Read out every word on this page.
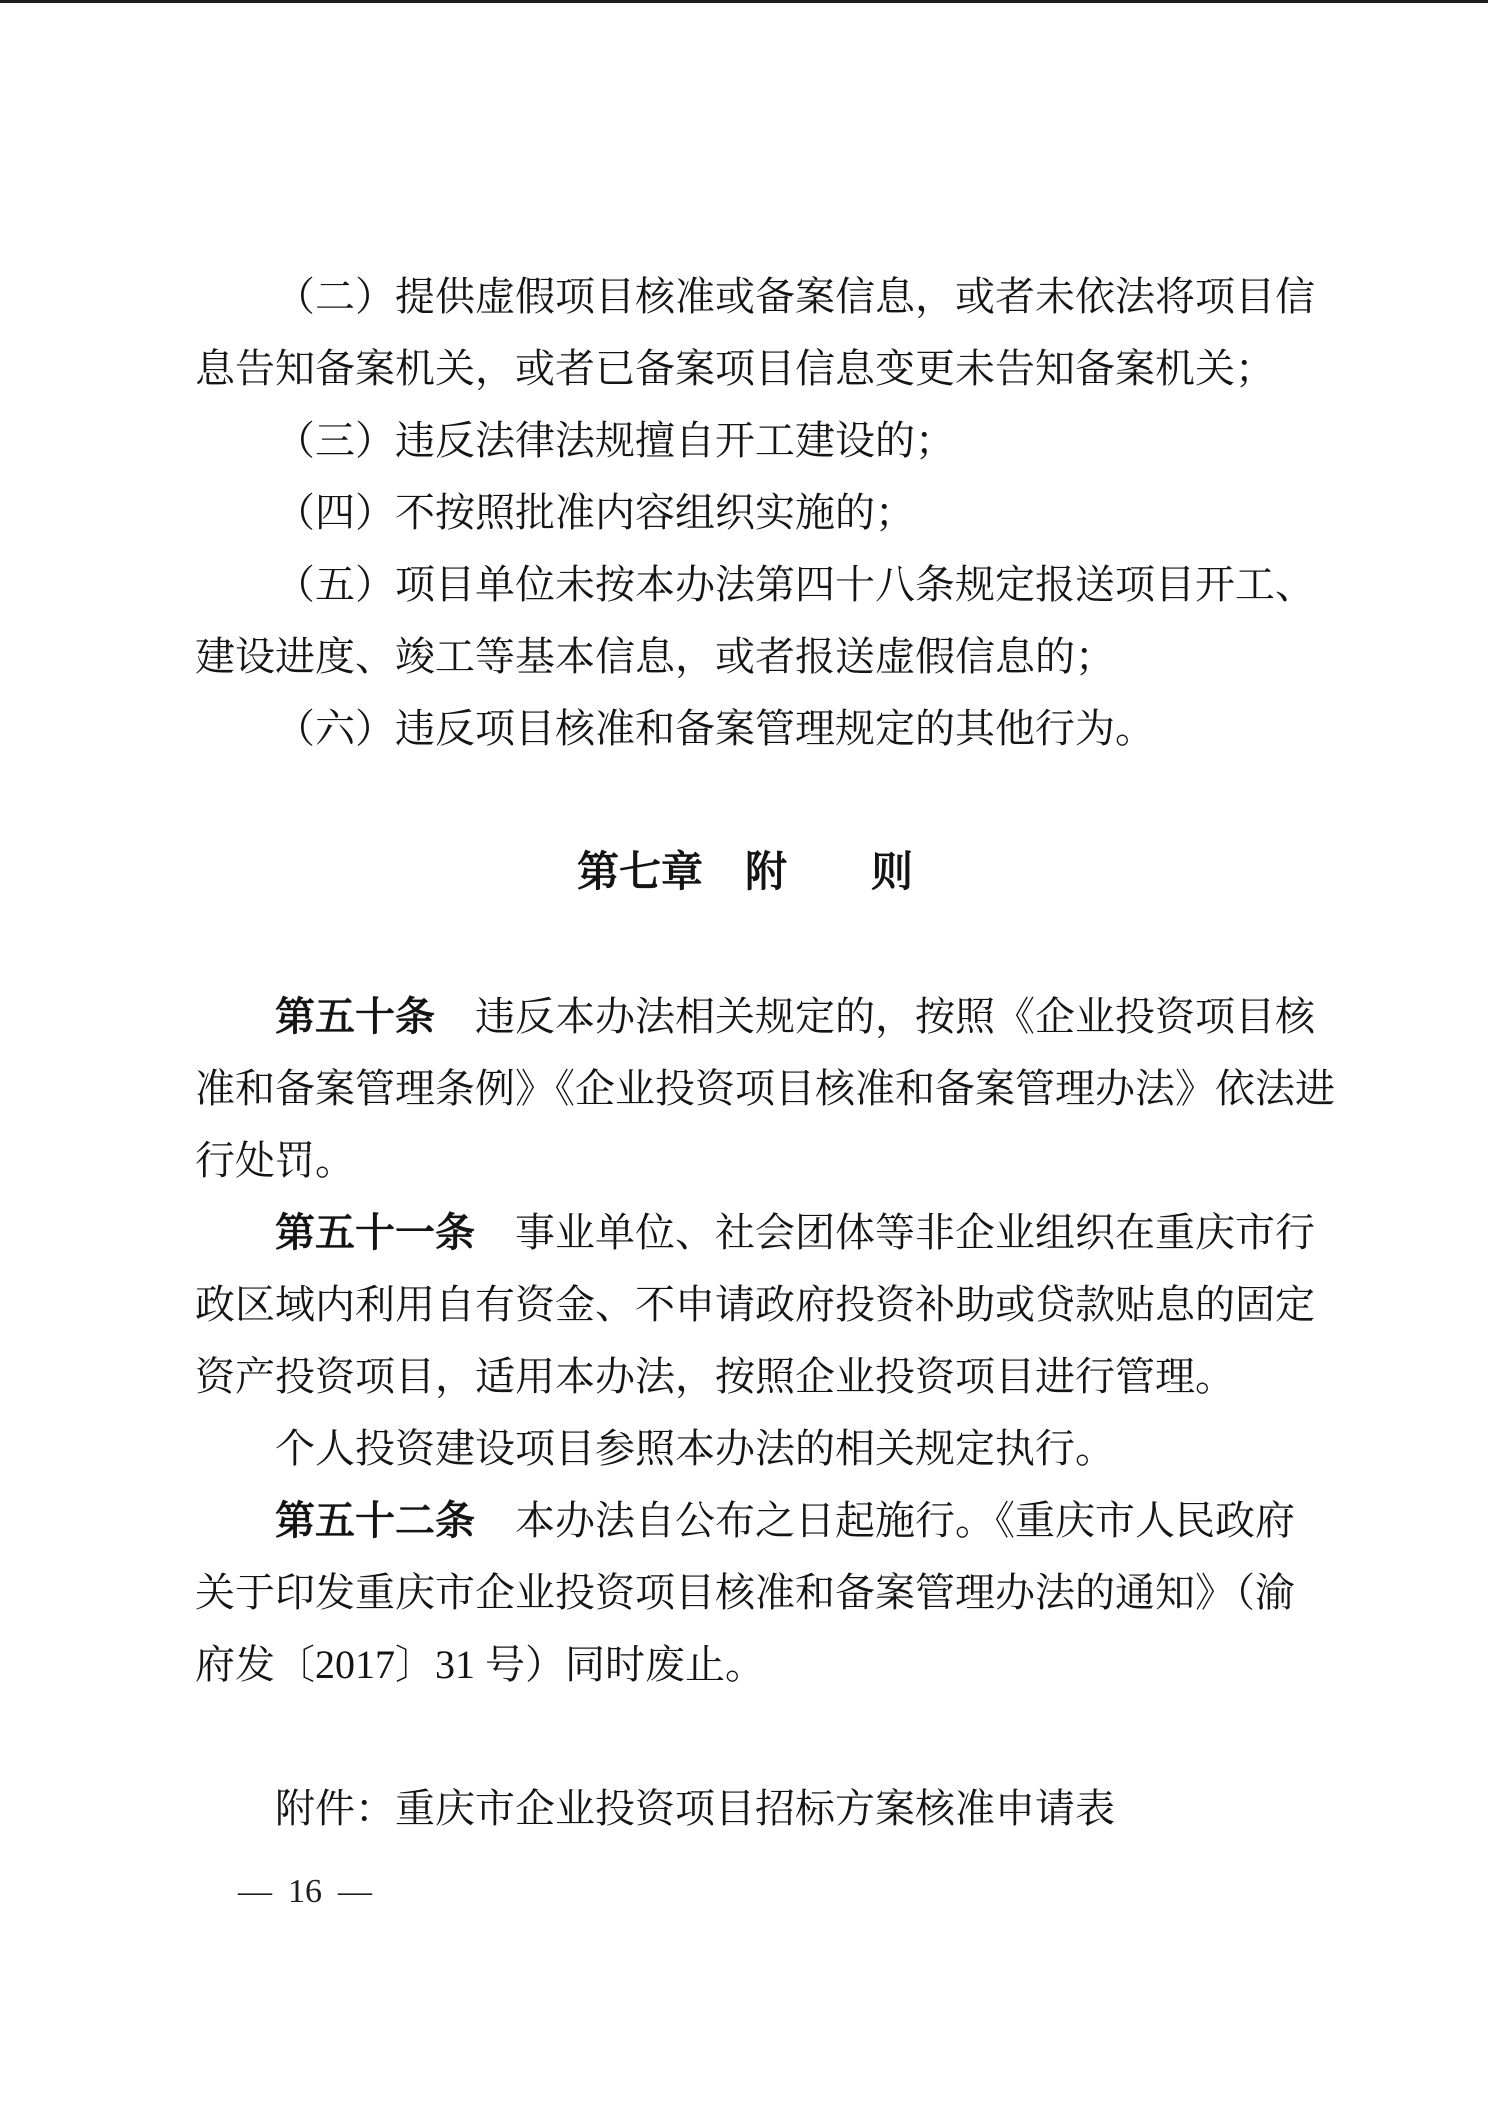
（二）提供虚假项目核准或备案信息，或者未依法将项目信
息告知备案机关，或者已备案项目信息变更未告知备案机关；
（三）违反法律法规擅自开工建设的；
（四）不按照批准内容组织实施的；
（五）项目单位未按本办法第四十八条规定报送项目开工、
建设进度、竣工等基本信息，或者报送虚假信息的；
（六）违反项目核准和备案管理规定的其他行为。
第七章 附 则
第五十条 违反本办法相关规定的，按照《企业投资项目核
准和备案管理条例》《企业投资项目核准和备案管理办法》依法进
行处罚。
第五十一条 事业单位、社会团体等非企业组织在重庆市行
政区域内利用自有资金、不申请政府投资补助或贷款贴息的固定
资产投资项目，适用本办法，按照企业投资项目进行管理。
个人投资建设项目参照本办法的相关规定执行。
第五十二条 本办法自公布之日起施行。《重庆市人民政府
关于印发重庆市企业投资项目核准和备案管理办法的通知》（渝
府发〔2017〕31 号）同时废止。
附件：重庆市企业投资项目招标方案核准申请表
— 16 —
